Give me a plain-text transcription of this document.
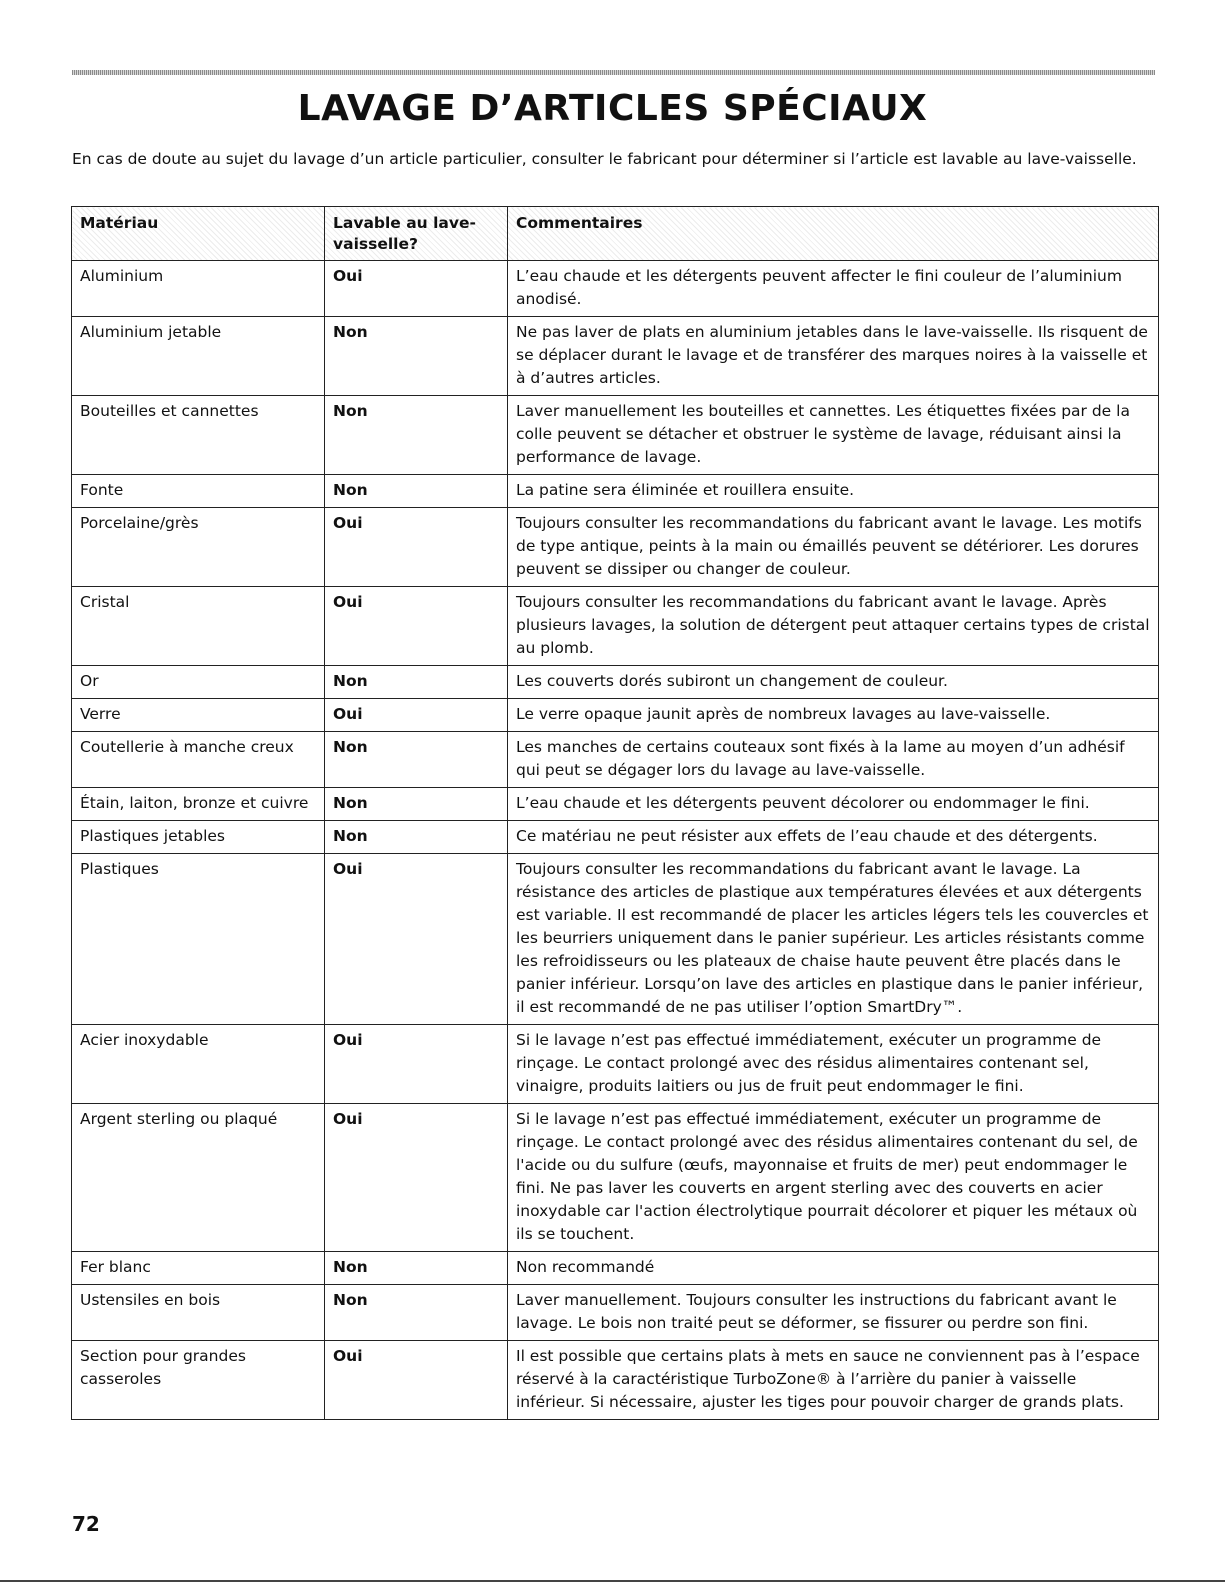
LAVAGE D’ARTICLES SPÉCIAUX

En cas de doute au sujet du lavage d’un article particulier, consulter le fabricant pour déterminer si l’article est lavable au lave-vaisselle.

Matériau	Lavable au lave-vaisselle?	Commentaires
Aluminium	Oui	L’eau chaude et les détergents peuvent affecter le fini couleur de l’aluminium anodisé.
Aluminium jetable	Non	Ne pas laver de plats en aluminium jetables dans le lave-vaisselle. Ils risquent de se déplacer durant le lavage et de transférer des marques noires à la vaisselle et à d’autres articles.
Bouteilles et cannettes	Non	Laver manuellement les bouteilles et cannettes. Les étiquettes fixées par de la colle peuvent se détacher et obstruer le système de lavage, réduisant ainsi la performance de lavage.
Fonte	Non	La patine sera éliminée et rouillera ensuite.
Porcelaine/grès	Oui	Toujours consulter les recommandations du fabricant avant le lavage. Les motifs de type antique, peints à la main ou émaillés peuvent se détériorer. Les dorures peuvent se dissiper ou changer de couleur.
Cristal	Oui	Toujours consulter les recommandations du fabricant avant le lavage. Après plusieurs lavages, la solution de détergent peut attaquer certains types de cristal au plomb.
Or	Non	Les couverts dorés subiront un changement de couleur.
Verre	Oui	Le verre opaque jaunit après de nombreux lavages au lave-vaisselle.
Coutellerie à manche creux	Non	Les manches de certains couteaux sont fixés à la lame au moyen d’un adhésif qui peut se dégager lors du lavage au lave-vaisselle.
Étain, laiton, bronze et cuivre	Non	L’eau chaude et les détergents peuvent décolorer ou endommager le fini.
Plastiques jetables	Non	Ce matériau ne peut résister aux effets de l’eau chaude et des détergents.
Plastiques	Oui	Toujours consulter les recommandations du fabricant avant le lavage. La résistance des articles de plastique aux températures élevées et aux détergents est variable. Il est recommandé de placer les articles légers tels les couvercles et les beurriers uniquement dans le panier supérieur. Les articles résistants comme les refroidisseurs ou les plateaux de chaise haute peuvent être placés dans le panier inférieur. Lorsqu’on lave des articles en plastique dans le panier inférieur, il est recommandé de ne pas utiliser l’option SmartDry™.
Acier inoxydable	Oui	Si le lavage n’est pas effectué immédiatement, exécuter un programme de rinçage. Le contact prolongé avec des résidus alimentaires contenant sel, vinaigre, produits laitiers ou jus de fruit peut endommager le fini.
Argent sterling ou plaqué	Oui	Si le lavage n’est pas effectué immédiatement, exécuter un programme de rinçage. Le contact prolongé avec des résidus alimentaires contenant du sel, de l'acide ou du sulfure (œufs, mayonnaise et fruits de mer) peut endommager le fini. Ne pas laver les couverts en argent sterling avec des couverts en acier inoxydable car l'action électrolytique pourrait décolorer et piquer les métaux où ils se touchent.
Fer blanc	Non	Non recommandé
Ustensiles en bois	Non	Laver manuellement. Toujours consulter les instructions du fabricant avant le lavage. Le bois non traité peut se déformer, se fissurer ou perdre son fini.
Section pour grandes casseroles	Oui	Il est possible que certains plats à mets en sauce ne conviennent pas à l’espace réservé à la caractéristique TurboZone® à l’arrière du panier à vaisselle inférieur. Si nécessaire, ajuster les tiges pour pouvoir charger de grands plats.

72
